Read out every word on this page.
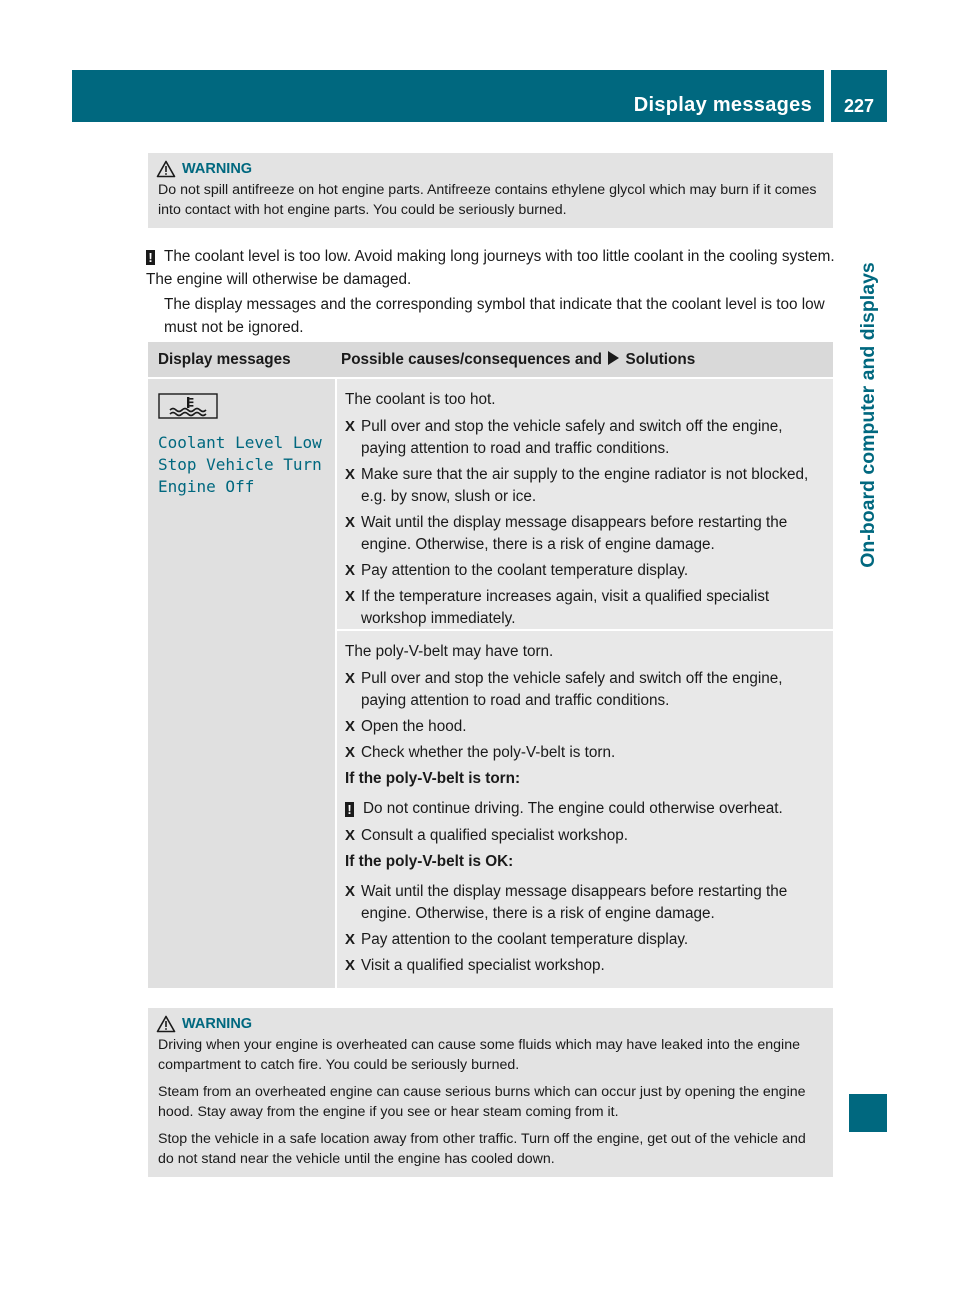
Display messages	227
On-board computer and displays
WARNING

Do not spill antifreeze on hot engine parts. Antifreeze contains ethylene glycol which may burn if it comes into contact with hot engine parts. You could be seriously burned.

! The coolant level is too low. Avoid making long journeys with too little coolant in the cooling system. The engine will otherwise be damaged.

The display messages and the corresponding symbol that indicate that the coolant level is too low must not be ignored.

Display messages	Possible causes/consequences and Solutions
Coolant Level Low
Stop Vehicle Turn
Engine Off

The coolant is too hot.

X Pull over and stop the vehicle safely and switch off the engine, paying attention to road and traffic conditions.
X Make sure that the air supply to the engine radiator is not blocked, e.g. by snow, slush or ice.
X Wait until the display message disappears before restarting the engine. Otherwise, there is a risk of engine damage.
X Pay attention to the coolant temperature display.
X If the temperature increases again, visit a qualified specialist workshop immediately.

The poly-V-belt may have torn.

X Pull over and stop the vehicle safely and switch off the engine, paying attention to road and traffic conditions.
X Open the hood.
X Check whether the poly-V-belt is torn.

If the poly-V-belt is torn:

! Do not continue driving. The engine could otherwise overheat.

X Consult a qualified specialist workshop.

If the poly-V-belt is OK:

X Wait until the display message disappears before restarting the engine. Otherwise, there is a risk of engine damage.
X Pay attention to the coolant temperature display.
X Visit a qualified specialist workshop.
WARNING

Driving when your engine is overheated can cause some fluids which may have leaked into the engine compartment to catch fire. You could be seriously burned.

Steam from an overheated engine can cause serious burns which can occur just by opening the engine hood. Stay away from the engine if you see or hear steam coming from it.

Stop the vehicle in a safe location away from other traffic. Turn off the engine, get out of the vehicle and do not stand near the vehicle until the engine has cooled down.
